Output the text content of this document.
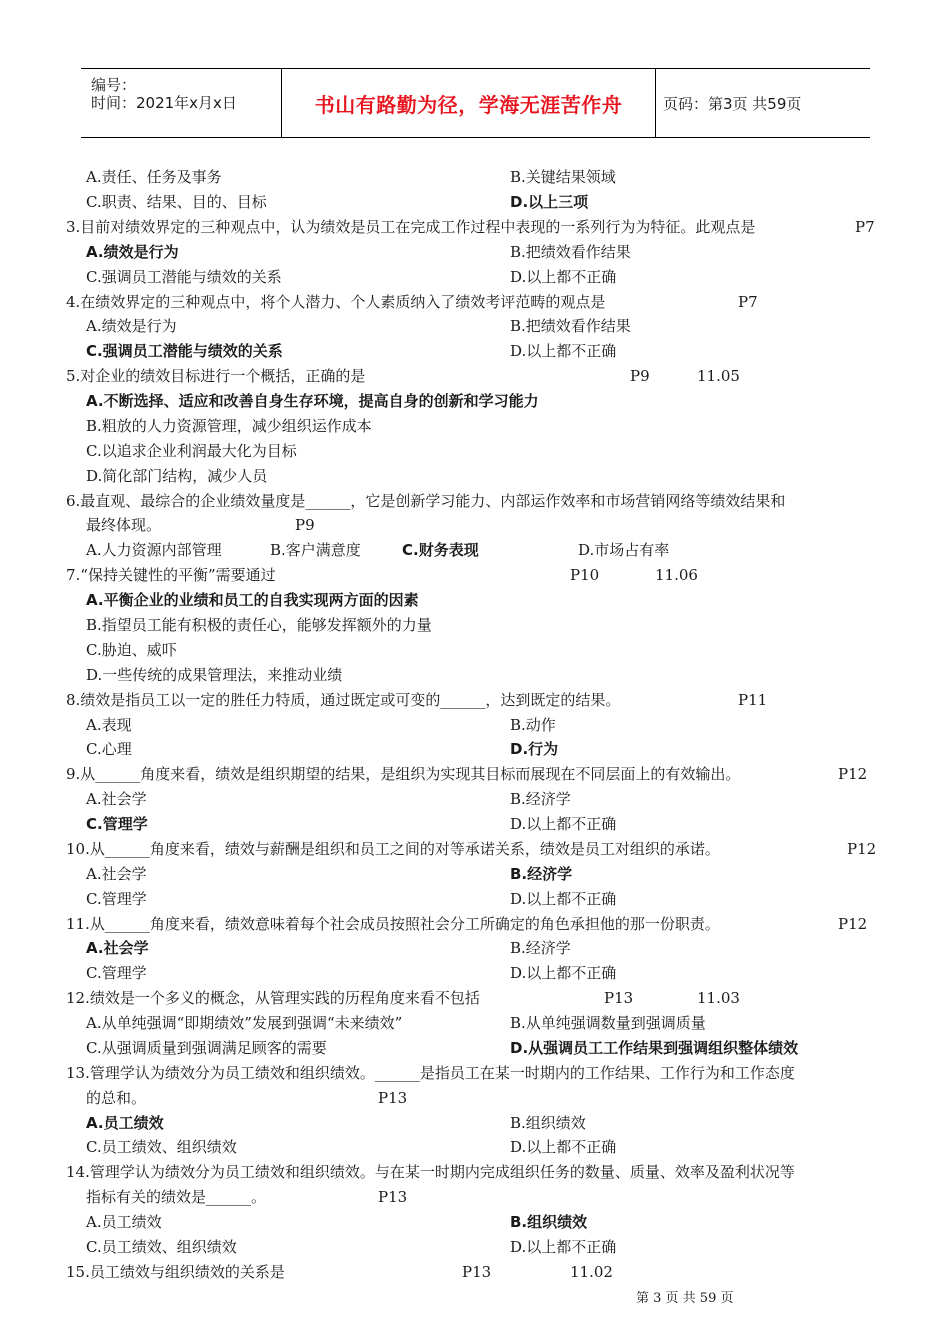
编号：
时间：2021年x月x日	书山有路勤为径，学海无涯苦作舟	页码：第3页 共59页
A.责任、任务及事务	B.关键结果领域
C.职责、结果、目的、目标	D.以上三项
3.目前对绩效界定的三种观点中，认为绩效是员工在完成工作过程中表现的一系列行为为特征。此观点是	P7
A.绩效是行为	B.把绩效看作结果
C.强调员工潜能与绩效的关系	D.以上都不正确
4.在绩效界定的三种观点中，将个人潜力、个人素质纳入了绩效考评范畴的观点是	P7
A.绩效是行为	B.把绩效看作结果
C.强调员工潜能与绩效的关系	D.以上都不正确
5.对企业的绩效目标进行一个概括，正确的是	P9	11.05
A.不断选择、适应和改善自身生存环境，提高自身的创新和学习能力
B.粗放的人力资源管理，减少组织运作成本
C.以追求企业利润最大化为目标
D.简化部门结构，减少人员
6.最直观、最综合的企业绩效量度是______，它是创新学习能力、内部运作效率和市场营销网络等绩效结果和
最终体现。	P9
A.人力资源内部管理	B.客户满意度	C.财务表现	D.市场占有率
7.“保持关键性的平衡”需要通过	P10	11.06
A.平衡企业的业绩和员工的自我实现两方面的因素
B.指望员工能有积极的责任心，能够发挥额外的力量
C.胁迫、威吓
D.一些传统的成果管理法，来推动业绩
8.绩效是指员工以一定的胜任力特质，通过既定或可变的______，达到既定的结果。	P11
A.表现	B.动作
C.心理	D.行为
9.从______角度来看，绩效是组织期望的结果，是组织为实现其目标而展现在不同层面上的有效输出。	P12
A.社会学	B.经济学
C.管理学	D.以上都不正确
10.从______角度来看，绩效与薪酬是组织和员工之间的对等承诺关系，绩效是员工对组织的承诺。	P12
A.社会学	B.经济学
C.管理学	D.以上都不正确
11.从______角度来看，绩效意味着每个社会成员按照社会分工所确定的角色承担他的那一份职责。	P12
A.社会学	B.经济学
C.管理学	D.以上都不正确
12.绩效是一个多义的概念，从管理实践的历程角度来看不包括	P13	11.03
A.从单纯强调“即期绩效”发展到强调“未来绩效”	B.从单纯强调数量到强调质量
C.从强调质量到强调满足顾客的需要	D.从强调员工工作结果到强调组织整体绩效
13.管理学认为绩效分为员工绩效和组织绩效。______是指员工在某一时期内的工作结果、工作行为和工作态度
的总和。	P13
A.员工绩效	B.组织绩效
C.员工绩效、组织绩效	D.以上都不正确
14.管理学认为绩效分为员工绩效和组织绩效。与在某一时期内完成组织任务的数量、质量、效率及盈利状况等
指标有关的绩效是______。	P13
A.员工绩效	B.组织绩效
C.员工绩效、组织绩效	D.以上都不正确
15.员工绩效与组织绩效的关系是	P13	11.02
第 3 页 共 59 页
